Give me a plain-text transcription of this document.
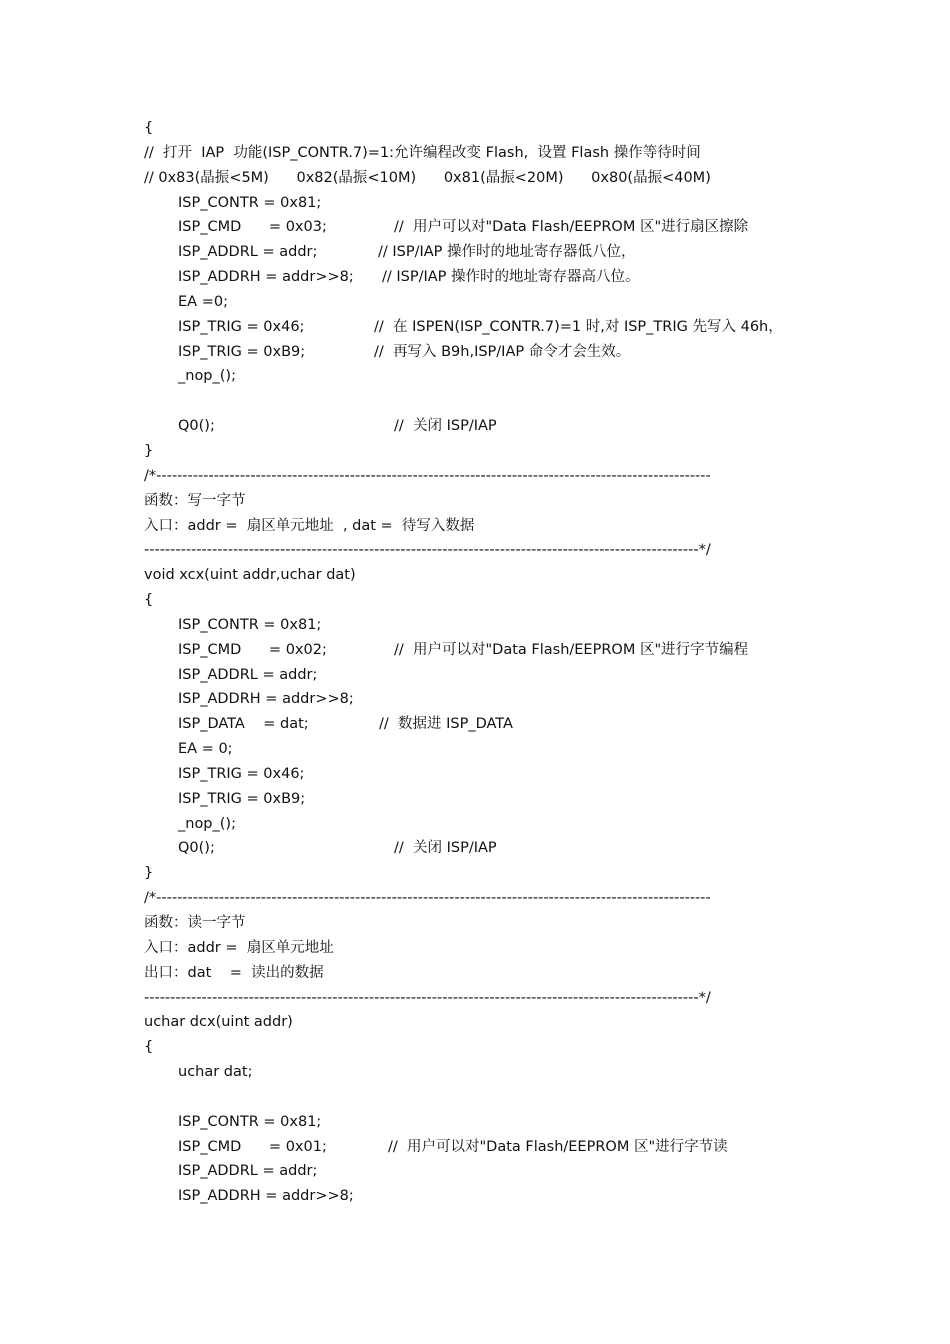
{
//  打开  IAP  功能(ISP_CONTR.7)=1:允许编程改变 Flash,  设置 Flash 操作等待时间
// 0x83(晶振<5M)      0x82(晶振<10M)      0x81(晶振<20M)      0x80(晶振<40M)
ISP_CONTR = 0x81;
ISP_CMD      = 0x03;	//  用户可以对"Data Flash/EEPROM 区"进行扇区擦除
ISP_ADDRL = addr;	// ISP/IAP 操作时的地址寄存器低八位，
ISP_ADDRH = addr>>8; // ISP/IAP 操作时的地址寄存器高八位。
EA =0;
ISP_TRIG = 0x46;	//  在 ISPEN(ISP_CONTR.7)=1 时,对 ISP_TRIG 先写入 46h，
ISP_TRIG = 0xB9;	//  再写入 B9h,ISP/IAP 命令才会生效。
_nop_();
Q0();	//  关闭 ISP/IAP
}
/*----------------------------------------------------------------------------------------------------------
函数：写一字节
入口：addr =  扇区单元地址  , dat =  待写入数据
----------------------------------------------------------------------------------------------------------*/
void xcx(uint addr,uchar dat)
{
ISP_CONTR = 0x81;
ISP_CMD      = 0x02;	//  用户可以对"Data Flash/EEPROM 区"进行字节编程
ISP_ADDRL = addr;
ISP_ADDRH = addr>>8;
ISP_DATA    = dat;	//  数据进 ISP_DATA
EA = 0;
ISP_TRIG = 0x46;
ISP_TRIG = 0xB9;
_nop_();
Q0();	//  关闭 ISP/IAP
}
/*----------------------------------------------------------------------------------------------------------
函数：读一字节
入口：addr =  扇区单元地址
出口：dat    =  读出的数据
----------------------------------------------------------------------------------------------------------*/
uchar dcx(uint addr)
{
uchar dat;
ISP_CONTR = 0x81;
ISP_CMD      = 0x01;	//  用户可以对"Data Flash/EEPROM 区"进行字节读
ISP_ADDRL = addr;
ISP_ADDRH = addr>>8;
